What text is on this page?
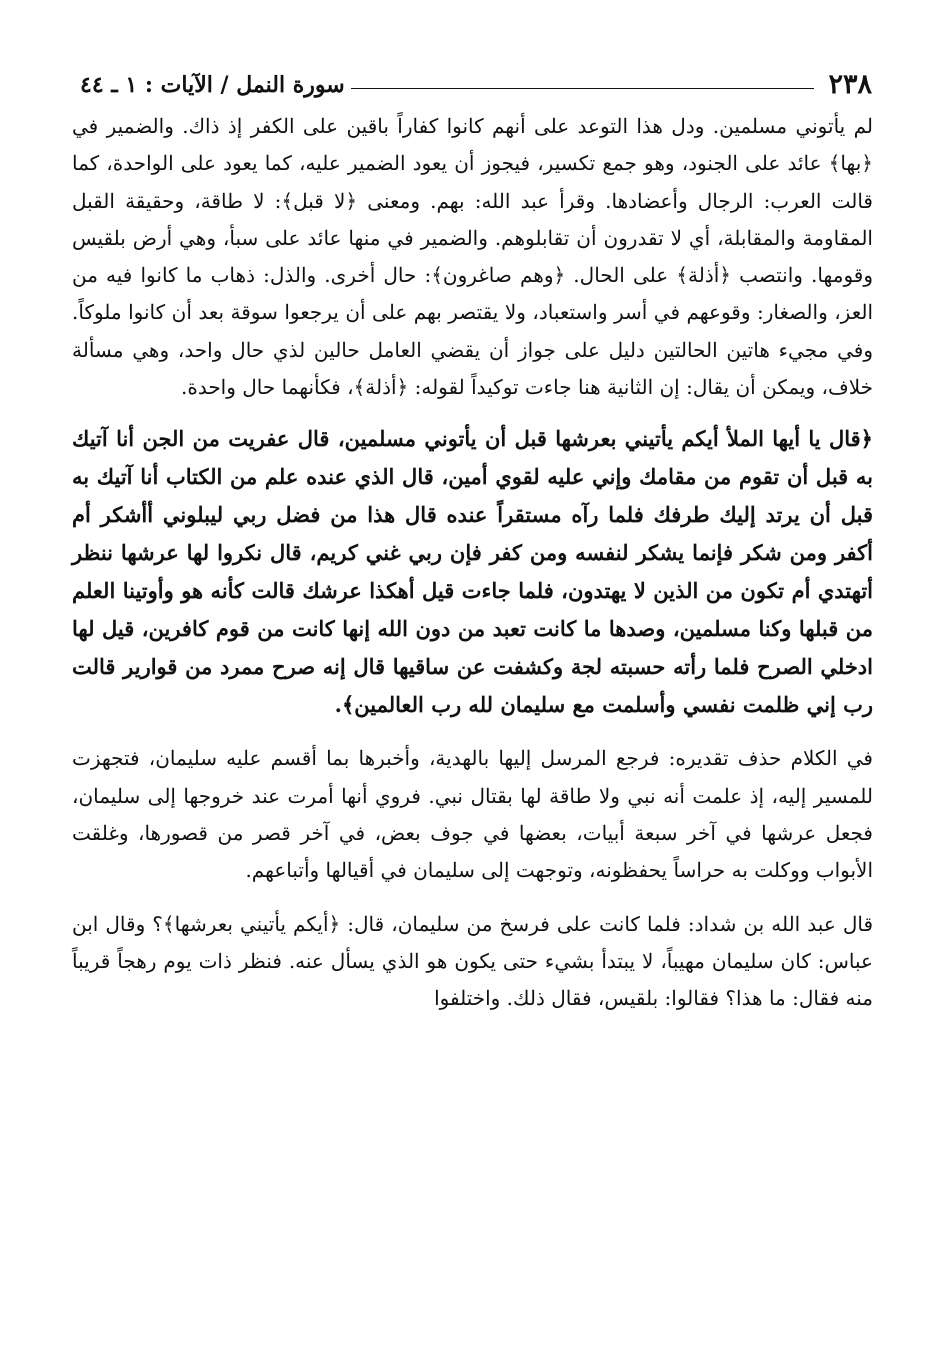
٢٣٨
سورة النمل / الآيات : ١ ـ ٤٤

لم يأتوني مسلمين. ودل هذا التوعد على أنهم كانوا كفاراً باقين على الكفر إذ ذاك. والضمير في ﴿بها﴾ عائد على الجنود، وهو جمع تكسير، فيجوز أن يعود الضمير عليه، كما يعود على الواحدة، كما قالت العرب: الرجال وأعضادها. وقرأ عبد الله: بهم. ومعنى ﴿لا قبل﴾: لا طاقة، وحقيقة القبل المقاومة والمقابلة، أي لا تقدرون أن تقابلوهم. والضمير في منها عائد على سبأ، وهي أرض بلقيس وقومها. وانتصب ﴿أذلة﴾ على الحال. ﴿وهم صاغرون﴾: حال أخرى. والذل: ذهاب ما كانوا فيه من العز، والصغار: وقوعهم في أسر واستعباد، ولا يقتصر بهم على أن يرجعوا سوقة بعد أن كانوا ملوكاً. وفي مجيء هاتين الحالتين دليل على جواز أن يقضي العامل حالين لذي حال واحد، وهي مسألة خلاف، ويمكن أن يقال: إن الثانية هنا جاءت توكيداً لقوله: ﴿أذلة﴾، فكأنهما حال واحدة.

﴿قال يا أيها الملأ أيكم يأتيني بعرشها قبل أن يأتوني مسلمين، قال عفريت من الجن أنا آتيك به قبل أن تقوم من مقامك وإني عليه لقوي أمين، قال الذي عنده علم من الكتاب أنا آتيك به قبل أن يرتد إليك طرفك فلما رآه مستقراً عنده قال هذا من فضل ربي ليبلوني أأشكر أم أكفر ومن شكر فإنما يشكر لنفسه ومن كفر فإن ربي غني كريم، قال نكروا لها عرشها ننظر أتهتدي أم تكون من الذين لا يهتدون، فلما جاءت قيل أهكذا عرشك قالت كأنه هو وأوتينا العلم من قبلها وكنا مسلمين، وصدها ما كانت تعبد من دون الله إنها كانت من قوم كافرين، قيل لها ادخلي الصرح فلما رأته حسبته لجة وكشفت عن ساقيها قال إنه صرح ممرد من قوارير قالت رب إني ظلمت نفسي وأسلمت مع سليمان لله رب العالمين﴾.

في الكلام حذف تقديره: فرجع المرسل إليها بالهدية، وأخبرها بما أقسم عليه سليمان، فتجهزت للمسير إليه، إذ علمت أنه نبي ولا طاقة لها بقتال نبي. فروي أنها أمرت عند خروجها إلى سليمان، فجعل عرشها في آخر سبعة أبيات، بعضها في جوف بعض، في آخر قصر من قصورها، وغلقت الأبواب ووكلت به حراساً يحفظونه، وتوجهت إلى سليمان في أقيالها وأتباعهم.

قال عبد الله بن شداد: فلما كانت على فرسخ من سليمان، قال: ﴿أيكم يأتيني بعرشها﴾؟ وقال ابن عباس: كان سليمان مهيباً، لا يبتدأ بشيء حتى يكون هو الذي يسأل عنه. فنظر ذات يوم رهجاً قريباً منه فقال: ما هذا؟ فقالوا: بلقيس، فقال ذلك. واختلفوا
